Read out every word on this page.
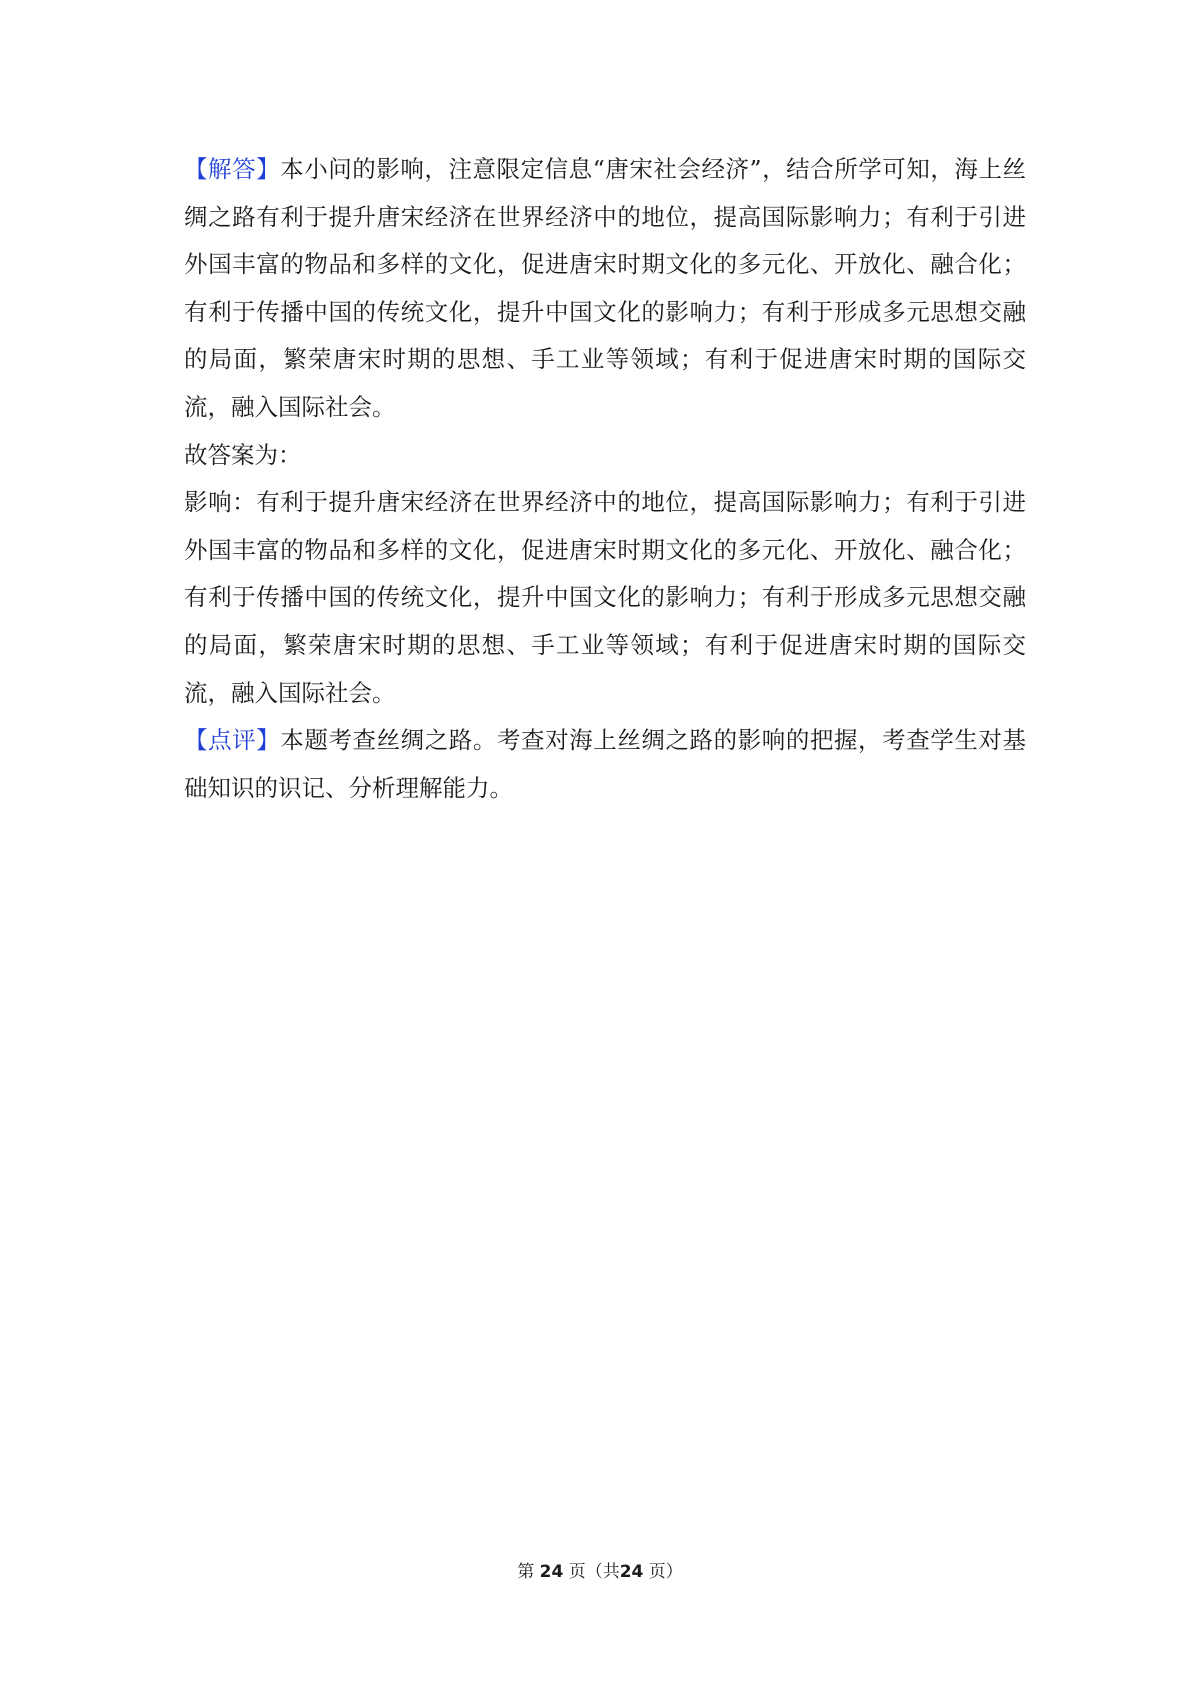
【解答】本小问的影响，注意限定信息“唐宋社会经济”，结合所学可知，海上丝绸之路有利于提升唐宋经济在世界经济中的地位，提高国际影响力；有利于引进外国丰富的物品和多样的文化，促进唐宋时期文化的多元化、开放化、融合化；有利于传播中国的传统文化，提升中国文化的影响力；有利于形成多元思想交融的局面，繁荣唐宋时期的思想、手工业等领域；有利于促进唐宋时期的国际交流，融入国际社会。

故答案为：

影响：有利于提升唐宋经济在世界经济中的地位，提高国际影响力；有利于引进外国丰富的物品和多样的文化，促进唐宋时期文化的多元化、开放化、融合化；有利于传播中国的传统文化，提升中国文化的影响力；有利于形成多元思想交融的局面，繁荣唐宋时期的思想、手工业等领域；有利于促进唐宋时期的国际交流，融入国际社会。

【点评】本题考查丝绸之路。考查对海上丝绸之路的影响的把握，考查学生对基础知识的识记、分析理解能力。

第 24 页（共24 页）
